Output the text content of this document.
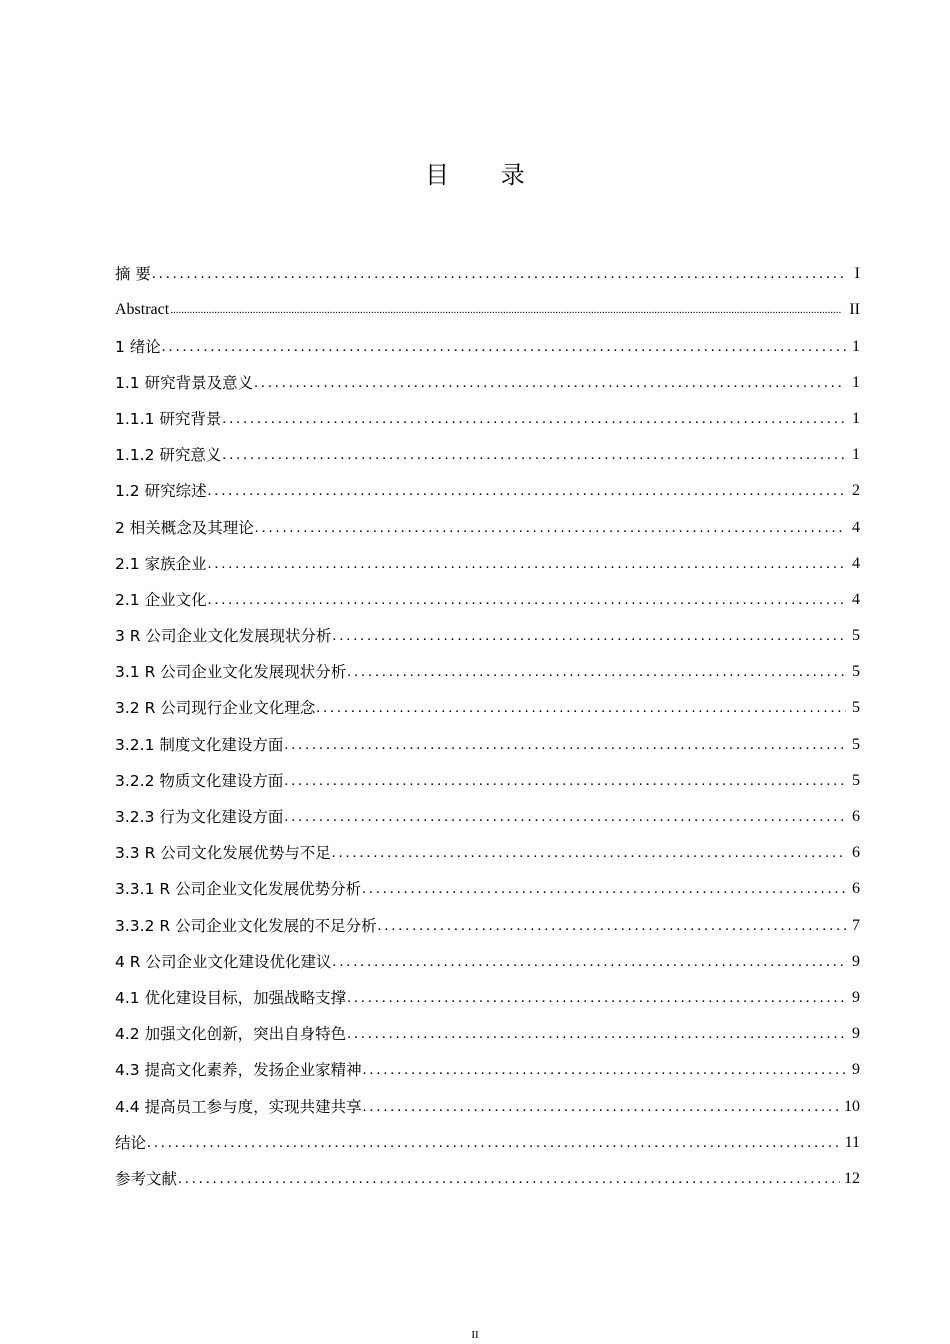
目 录
摘 要 .....	I
Abstract .....	II
1 绪论 .....	1
1.1 研究背景及意义 .....	1
1.1.1 研究背景 .....	1
1.1.2 研究意义 .....	1
1.2 研究综述 .....	2
2 相关概念及其理论 .....	4
2.1 家族企业 .....	4
2.1 企业文化 .....	4
3 R 公司企业文化发展现状分析 .....	5
3.1 R 公司企业文化发展现状分析 .....	5
3.2 R 公司现行企业文化理念 .....	5
3.2.1 制度文化建设方面 .....	5
3.2.2 物质文化建设方面 .....	5
3.2.3 行为文化建设方面 .....	6
3.3 R 公司文化发展优势与不足 .....	6
3.3.1 R 公司企业文化发展优势分析 .....	6
3.3.2 R 公司企业文化发展的不足分析 .....	7
4 R 公司企业文化建设优化建议 .....	9
4.1 优化建设目标，加强战略支撑 .....	9
4.2 加强文化创新，突出自身特色 .....	9
4.3 提高文化素养，发扬企业家精神 .....	9
4.4 提高员工参与度，实现共建共享 .....	10
结论 .....	11
参考文献 .....	12
II
